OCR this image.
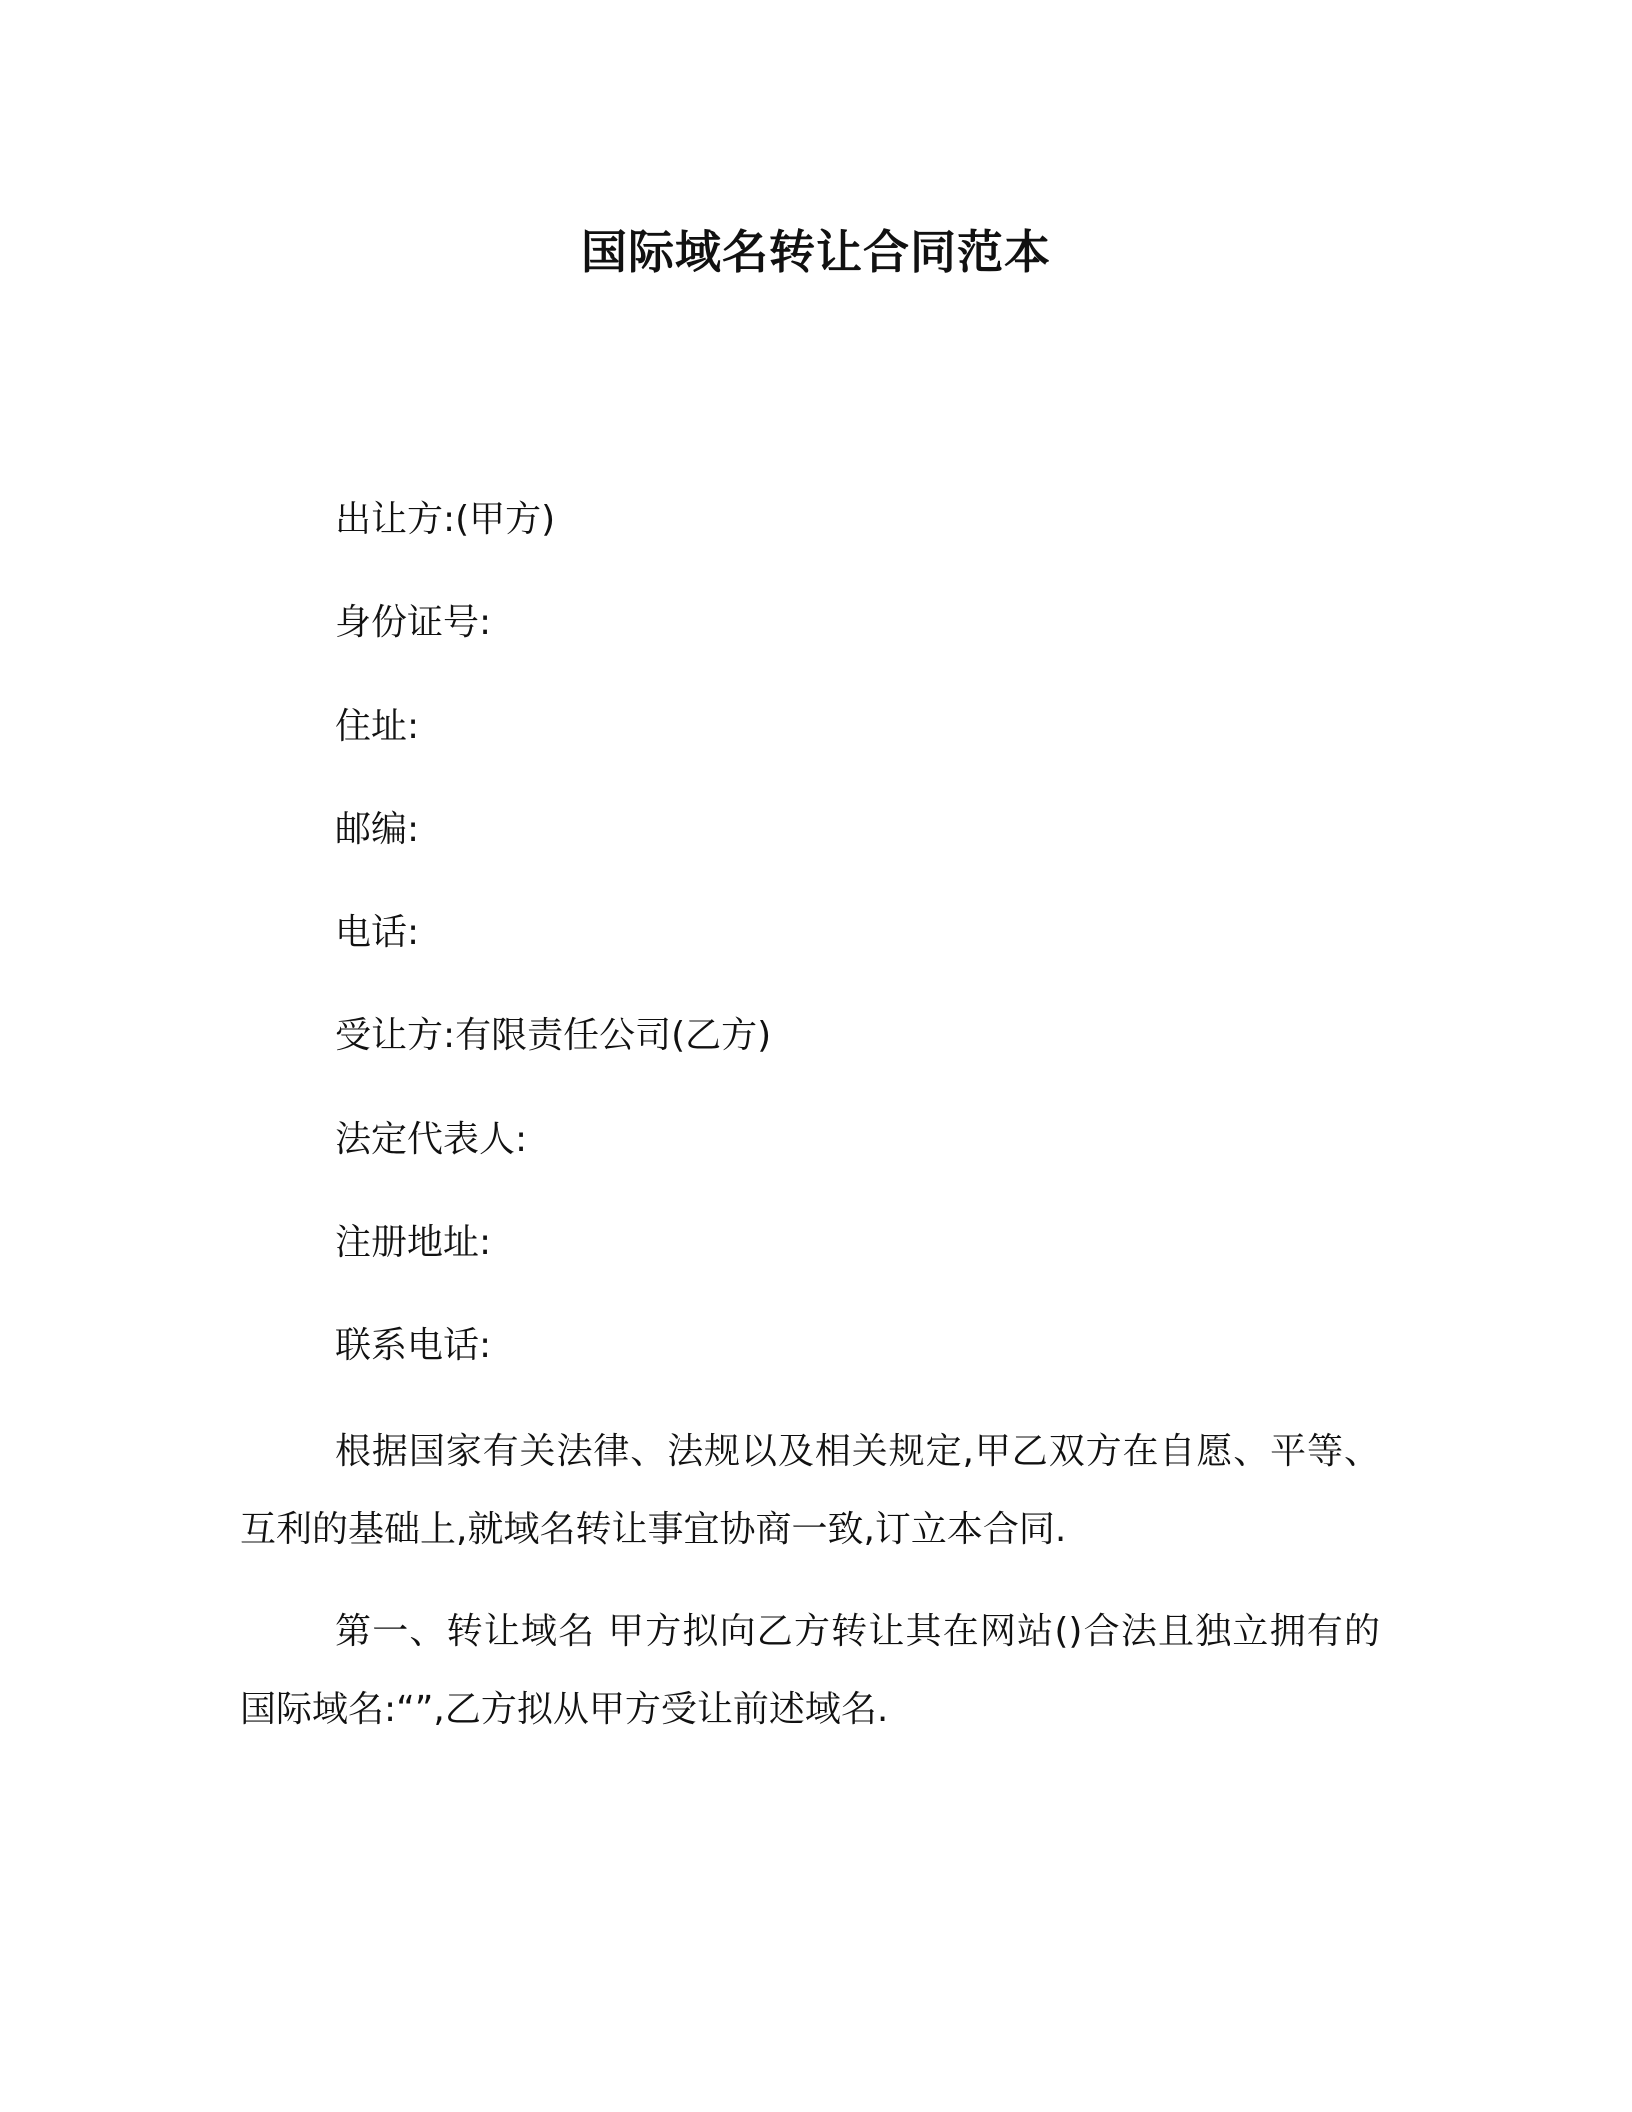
国际域名转让合同范本
出让方:(甲方)
身份证号:
住址:
邮编:
电话:
受让方:有限责任公司(乙方)
法定代表人:
注册地址:
联系电话:
根据国家有关法律、法规以及相关规定,甲乙双方在自愿、平等、互利的基础上,就域名转让事宜协商一致,订立本合同.
第一、转让域名 甲方拟向乙方转让其在网站()合法且独立拥有的国际域名:“”,乙方拟从甲方受让前述域名.
